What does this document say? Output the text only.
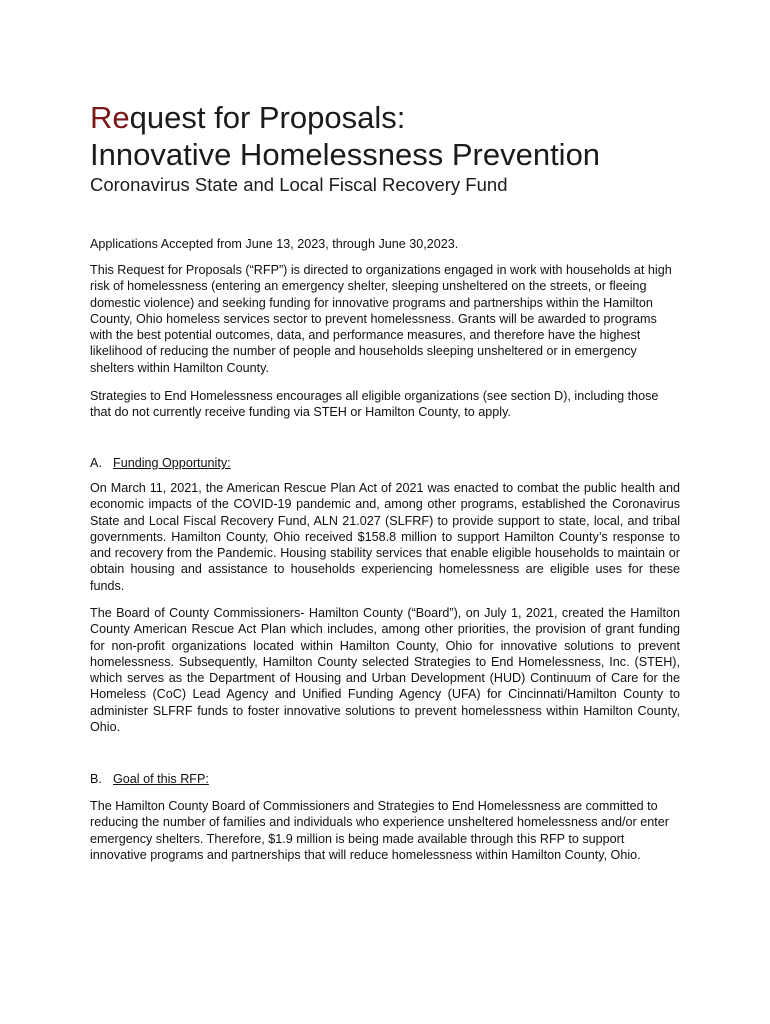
Request for Proposals:
Innovative Homelessness Prevention
Coronavirus State and Local Fiscal Recovery Fund

Applications Accepted from June 13, 2023, through June 30,2023.

This Request for Proposals (“RFP”) is directed to organizations engaged in work with households at high risk of homelessness (entering an emergency shelter, sleeping unsheltered on the streets, or fleeing domestic violence) and seeking funding for innovative programs and partnerships within the Hamilton County, Ohio homeless services sector to prevent homelessness. Grants will be awarded to programs with the best potential outcomes, data, and performance measures, and therefore have the highest likelihood of reducing the number of people and households sleeping unsheltered or in emergency shelters within Hamilton County.

Strategies to End Homelessness encourages all eligible organizations (see section D), including those that do not currently receive funding via STEH or Hamilton County, to apply.

A. Funding Opportunity:

On March 11, 2021, the American Rescue Plan Act of 2021 was enacted to combat the public health and economic impacts of the COVID-19 pandemic and, among other programs, established the Coronavirus State and Local Fiscal Recovery Fund, ALN 21.027 (SLFRF) to provide support to state, local, and tribal governments. Hamilton County, Ohio received $158.8 million to support Hamilton County’s response to and recovery from the Pandemic. Housing stability services that enable eligible households to maintain or obtain housing and assistance to households experiencing homelessness are eligible uses for these funds.

The Board of County Commissioners- Hamilton County (“Board”), on July 1, 2021, created the Hamilton County American Rescue Act Plan which includes, among other priorities, the provision of grant funding for non-profit organizations located within Hamilton County, Ohio for innovative solutions to prevent homelessness. Subsequently, Hamilton County selected Strategies to End Homelessness, Inc. (STEH), which serves as the Department of Housing and Urban Development (HUD) Continuum of Care for the Homeless (CoC) Lead Agency and Unified Funding Agency (UFA) for Cincinnati/Hamilton County to administer SLFRF funds to foster innovative solutions to prevent homelessness within Hamilton County, Ohio.

B. Goal of this RFP:

The Hamilton County Board of Commissioners and Strategies to End Homelessness are committed to reducing the number of families and individuals who experience unsheltered homelessness and/or enter emergency shelters. Therefore, $1.9 million is being made available through this RFP to support innovative programs and partnerships that will reduce homelessness within Hamilton County, Ohio.
